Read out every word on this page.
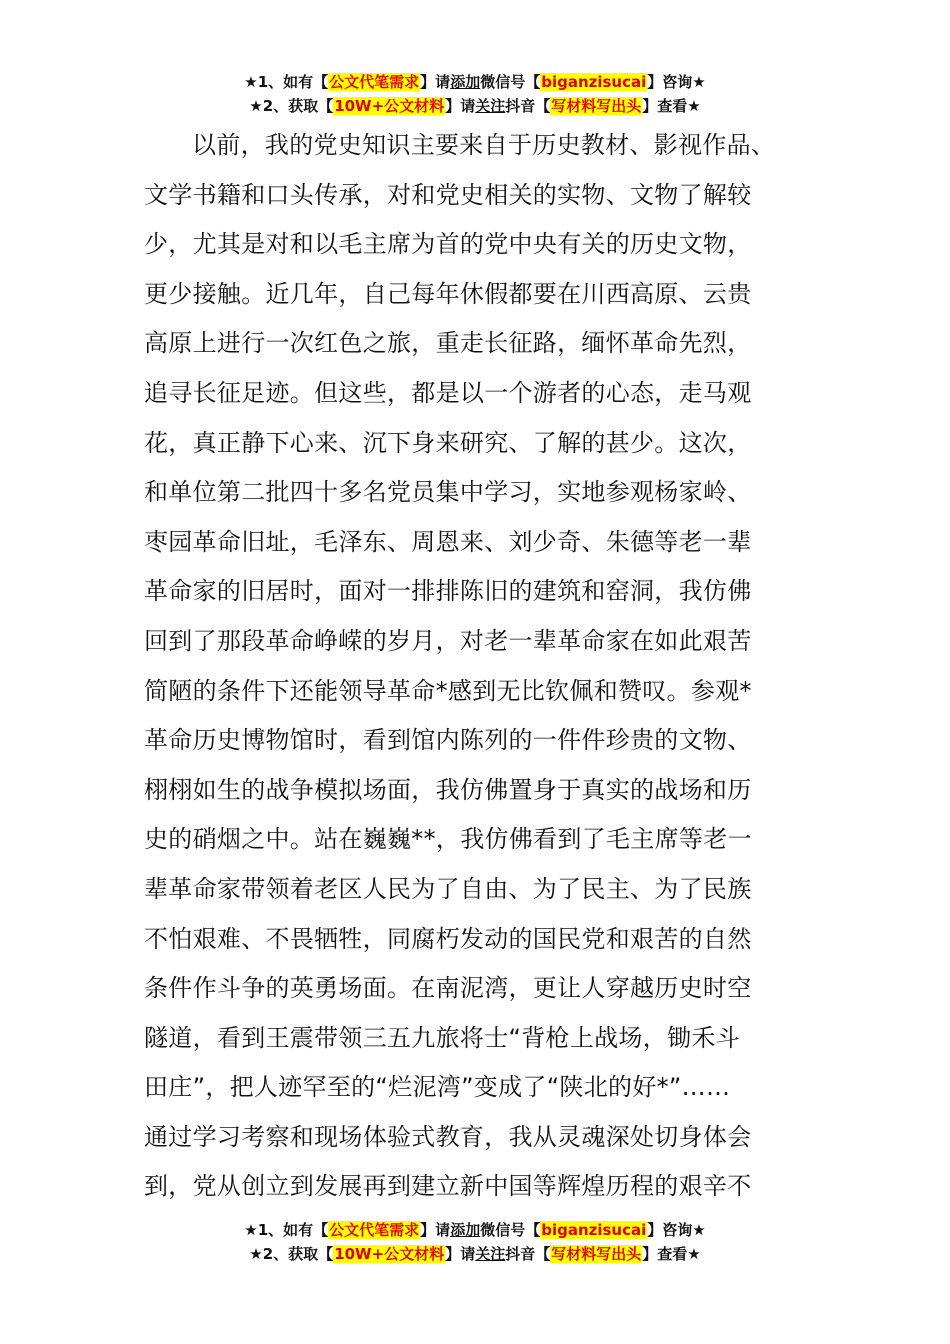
★1、如有【公文代笔需求】请添加微信号【biganzisucai】咨询★
★2、获取【10W+公文材料】请关注抖音【写材料写出头】查看★
以前，我的党史知识主要来自于历史教材、影视作品、
文学书籍和口头传承，对和党史相关的实物、文物了解较
少，尤其是对和以毛主席为首的党中央有关的历史文物，
更少接触。近几年，自己每年休假都要在川西高原、云贵
高原上进行一次红色之旅，重走长征路，缅怀革命先烈，
追寻长征足迹。但这些，都是以一个游者的心态，走马观
花，真正静下心来、沉下身来研究、了解的甚少。这次，
和单位第二批四十多名党员集中学习，实地参观杨家岭、
枣园革命旧址，毛泽东、周恩来、刘少奇、朱德等老一辈
革命家的旧居时，面对一排排陈旧的建筑和窑洞，我仿佛
回到了那段革命峥嵘的岁月，对老一辈革命家在如此艰苦
简陋的条件下还能领导革命*感到无比钦佩和赞叹。参观*
革命历史博物馆时，看到馆内陈列的一件件珍贵的文物、
栩栩如生的战争模拟场面，我仿佛置身于真实的战场和历
史的硝烟之中。站在巍巍**，我仿佛看到了毛主席等老一
辈革命家带领着老区人民为了自由、为了民主、为了民族
不怕艰难、不畏牺牲，同腐朽发动的国民党和艰苦的自然
条件作斗争的英勇场面。在南泥湾，更让人穿越历史时空
隧道，看到王震带领三五九旅将士“背枪上战场，锄禾斗
田庄”，把人迹罕至的“烂泥湾”变成了“陕北的好*”……
通过学习考察和现场体验式教育，我从灵魂深处切身体会
到，党从创立到发展再到建立新中国等辉煌历程的艰辛不
★1、如有【公文代笔需求】请添加微信号【biganzisucai】咨询★
★2、获取【10W+公文材料】请关注抖音【写材料写出头】查看★
